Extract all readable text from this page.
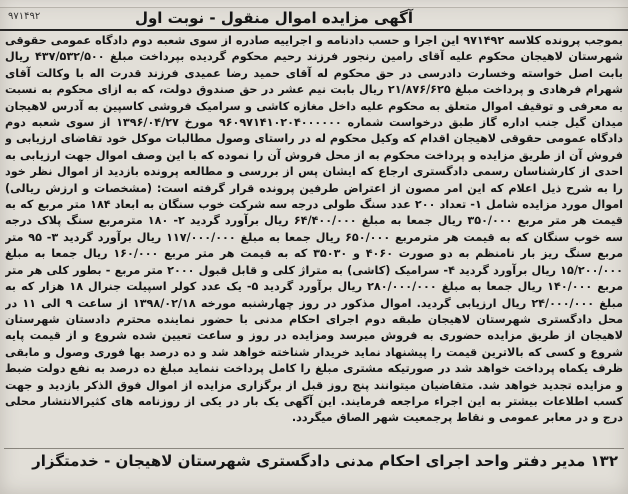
آگهی مزایده اموال منقول - نوبت اول
۹۷۱۴۹۲
بموجب پرونده کلاسه ۹۷۱۴۹۲ این اجرا و حسب دادنامه و اجراییه صادره از سوی شعبه دوم دادگاه عمومی حقوقی شهرستان لاهیجان محکوم علیه آقای رامین رنجور فرزند رحیم محکوم گردیده بپرداخت مبلغ ۴۳۷/۵۳۲/۵۰۰ ریال بابت اصل خواسته وخسارت دادرسی در حق محکوم له آقای حمید رضا عمیدی فرزند قدرت اله با وکالت آقای شهرام فرهادی و پرداخت مبلغ ۲۱/۸۷۶/۶۲۵ ریال بابت نیم عشر در حق صندوق دولت، که به ازای محکوم به نسبت به معرفی و توقیف اموال متعلق به محکوم علیه داخل مغازه کاشی و سرامیک فروشی کاسپین به آدرس لاهیجان میدان گیل جنب اداره گاز طبق درخواست شماره ۹۶۰۹۷۱۴۱۰۲۰۴۰۰۰۰۰۰ مورخ ۱۳۹۶/۰۴/۲۷ از سوی شعبه دوم دادگاه عمومی حقوقی لاهیجان اقدام که وکیل محکوم له در راستای وصول مطالبات موکل خود تقاضای ارزیابی و فروش آن از طریق مزایده و پرداخت محکوم به از محل فروش آن را نموده که با این وصف اموال جهت ارزیابی به احدی از کارشناسان رسمی دادگستری ارجاع که ایشان پس از بررسی و مطالعه پرونده بازدید از اموال نظر خود را به شرح ذیل اعلام که این امر مصون از اعتراض طرفین پرونده قرار گرفته است: (مشخصات و ارزش ریالی) اموال مورد مزایده شامل ۱- تعداد ۲۰۰ عدد سنگ طولی درجه سه شرکت خوب سنگان به ابعاد ۱۸۴ متر مربع که به قیمت هر متر مربع ۳۵۰/۰۰۰ ریال جمعا به مبلغ ۶۴/۴۰۰/۰۰۰ ریال برآورد گردید ۲- ۱۸۰ مترمربع سنگ پلاک درجه سه خوب سنگان که به قیمت هر مترمربع ۶۵۰/۰۰۰ ریال جمعا به مبلغ ۱۱۷/۰۰۰/۰۰۰ ریال برآورد گردید ۳- ۹۵ متر مربع سنگ ریز بار نامنظم به دو صورت ۴۰۶۰ و ۳۵۰۳۰ که به قیمت هر متر مربع ۱۶۰/۰۰۰ ریال جمعا به مبلغ ۱۵/۲۰۰/۰۰۰ ریال برآورد گردید ۴- سرامیک (کاشی) به متراژ کلی و قابل قبول ۲۰۰۰ متر مربع - بطور کلی هر متر مربع ۱۴۰/۰۰۰ ریال جمعا به مبلغ ۲۸۰/۰۰۰/۰۰۰ ریال برآورد گردید ۵- یک عدد کولر اسپیلت جنرال ۱۸ هزار که به مبلغ ۲۴/۰۰۰/۰۰۰ ریال ارزیابی گردید. اموال مذکور در روز چهارشنبه مورخه ۱۳۹۸/۰۲/۱۸ از ساعت ۹ الی ۱۱ در محل دادگستری شهرستان لاهیجان طبقه دوم اجرای احکام مدنی با حضور نماینده محترم دادستان شهرستان لاهیجان از طریق مزایده حضوری به فروش میرسد ومزایده در روز و ساعت تعیین شده شروع و از قیمت پایه شروع و کسی که بالاترین قیمت را پیشنهاد نماید خریدار شناخته خواهد شد و ده درصد بها فوری وصول و مابقی ظرف یکماه پرداخت خواهد شد در صورتیکه مشتری مبلغ را کامل پرداخت ننماید مبلغ ده درصد به نفع دولت ضبط و مزایده تجدید خواهد شد. متقاضیان میتوانند پنج روز قبل از برگزاری مزایده از اموال فوق الذکر بازدید و جهت کسب اطلاعات بیشتر به این اجراء مراجعه فرمایند. این آگهی یک بار در یکی از روزنامه های کثیرالانتشار محلی درج و در معابر عمومی و نقاط پرجمعیت شهر الصاق میگردد.
۱۳۲ مدیر دفتر واحد اجرای احکام مدنی دادگستری شهرستان لاهیجان - خدمتگزار
